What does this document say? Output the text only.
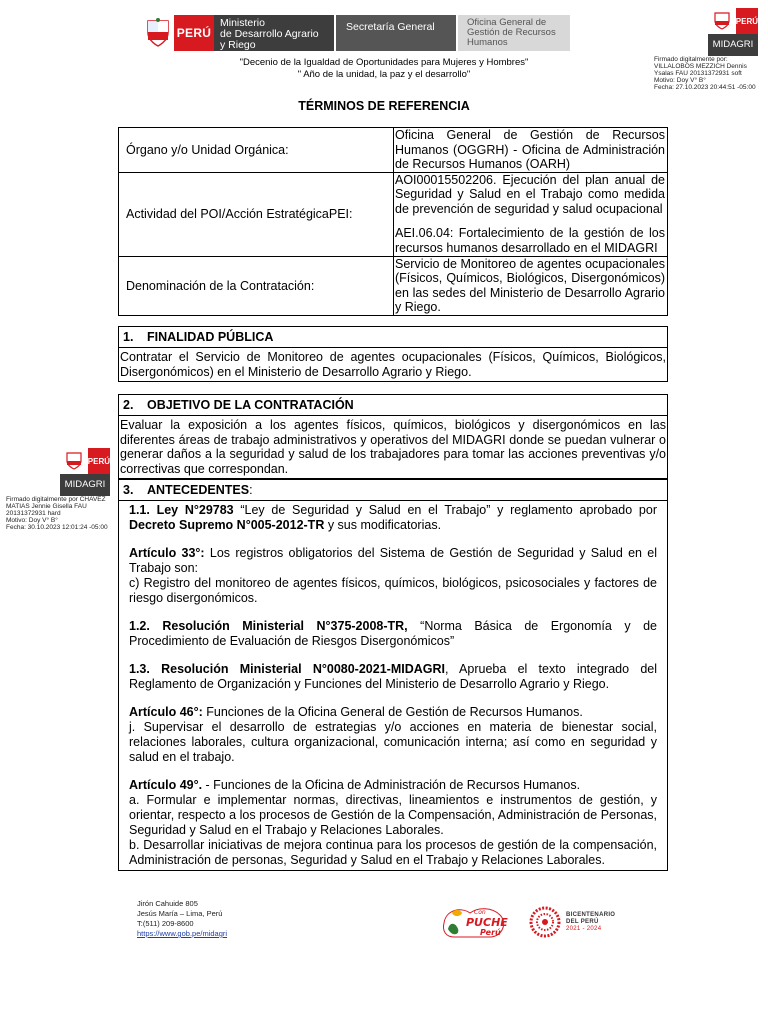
PERÚ
Ministerio
de Desarrollo Agrario
y Riego
Secretaría General	Oficina General de
Gestión de Recursos
Humanos
"Decenio de la Igualdad de Oportunidades para Mujeres y Hombres"
" Año de la unidad, la paz y el desarrollo"
PERÚ
MIDAGRI
Firmado digitalmente por:
VILLALOBOS MEZZICH Dennis
Ysalas FAU 20131372931 soft
Motivo: Doy V° B°
Fecha: 27.10.2023 20:44:51 -05:00
PERÚ
MIDAGRI
Firmado digitalmente por CHAVEZ
MATIAS Jennie Gisella FAU
20131372931 hard
Motivo: Doy V° B°
Fecha: 30.10.2023 12:01:24 -05:00
TÉRMINOS DE REFERENCIA
Órgano y/o Unidad Orgánica:	Oficina General de Gestión de Recursos Humanos (OGGRH) - Oficina de Administración de Recursos Humanos (OARH)
Actividad del POI/Acción EstratégicaPEI:	AOI00015502206. Ejecución del plan anual de Seguridad y Salud en el Trabajo como medida de prevención de seguridad y salud ocupacional
AEI.06.04: Fortalecimiento de la gestión de los recursos humanos desarrollado en el MIDAGRI

Denominación de la Contratación:	Servicio de Monitoreo de agentes ocupacionales (Físicos, Químicos, Biológicos, Disergonómicos) en las sedes del Ministerio de Desarrollo Agrario y Riego.
1. FINALIDAD PÚBLICA

Contratar el Servicio de Monitoreo de agentes ocupacionales (Físicos, Químicos, Biológicos, Disergonómicos) en el Ministerio de Desarrollo Agrario y Riego.

2. OBJETIVO DE LA CONTRATACIÓN

Evaluar la exposición a los agentes físicos, químicos, biológicos y disergonómicos en las diferentes áreas de trabajo administrativos y operativos del MIDAGRI donde se puedan vulnerar o generar daños a la seguridad y salud de los trabajadores para tomar las acciones preventivas y/o correctivas que correspondan.

3. ANTECEDENTES:

1.1. Ley N°29783 “Ley de Seguridad y Salud en el Trabajo” y reglamento aprobado por Decreto Supremo N°005-2012-TR y sus modificatorias.

Artículo 33°: Los registros obligatorios del Sistema de Gestión de Seguridad y Salud en el Trabajo son:

c) Registro del monitoreo de agentes físicos, químicos, biológicos, psicosociales y factores de riesgo disergonómicos.

1.2. Resolución Ministerial N°375-2008-TR, “Norma Básica de Ergonomía y de Procedimiento de Evaluación de Riesgos Disergonómicos”

1.3. Resolución Ministerial N°0080-2021-MIDAGRI, Aprueba el texto integrado del Reglamento de Organización y Funciones del Ministerio de Desarrollo Agrario y Riego.

Artículo 46°: Funciones de la Oficina General de Gestión de Recursos Humanos.

j. Supervisar el desarrollo de estrategias y/o acciones en materia de bienestar social, relaciones laborales, cultura organizacional, comunicación interna; así como en seguridad y salud en el trabajo.

Artículo 49°. - Funciones de la Oficina de Administración de Recursos Humanos.

a. Formular e implementar normas, directivas, lineamientos e instrumentos de gestión, y orientar, respecto a los procesos de Gestión de la Compensación, Administración de Personas, Seguridad y Salud en el Trabajo y Relaciones Laborales.

b. Desarrollar iniciativas de mejora continua para los procesos de gestión de la compensación, Administración de personas, Seguridad y Salud en el Trabajo y Relaciones Laborales.

Jirón Cahuide 805
Jesús María – Lima, Perú
T:(511) 209-8600
https://www.gob.pe/midagri
Con
PUCHE
Perú
BICENTENARIO
DEL PERÚ
2021 - 2024
